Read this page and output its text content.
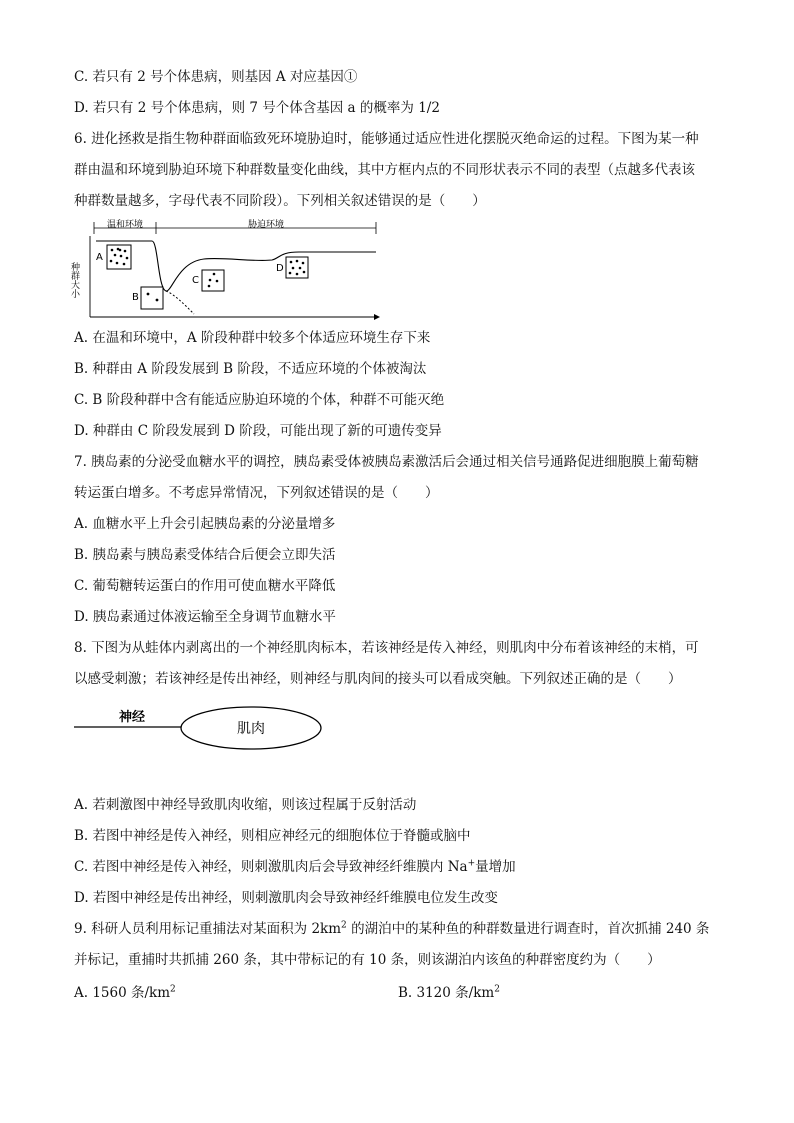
C. 若只有 2 号个体患病，则基因 A 对应基因①
D. 若只有 2 号个体患病，则 7 号个体含基因 a 的概率为 1/2
6. 进化拯救是指生物种群面临致死环境胁迫时，能够通过适应性进化摆脱灭绝命运的过程。下图为某一种
群由温和环境到胁迫环境下种群数量变化曲线，其中方框内点的不同形状表示不同的表型（点越多代表该
种群数量越多，字母代表不同阶段）。下列相关叙述错误的是（　　）
温和环境	胁迫环境
种群大小
A
B
C
D
A. 在温和环境中，A 阶段种群中较多个体适应环境生存下来
B. 种群由 A 阶段发展到 B 阶段，不适应环境的个体被淘汰
C. B 阶段种群中含有能适应胁迫环境的个体，种群不可能灭绝
D. 种群由 C 阶段发展到 D 阶段，可能出现了新的可遗传变异
7. 胰岛素的分泌受血糖水平的调控，胰岛素受体被胰岛素激活后会通过相关信号通路促进细胞膜上葡萄糖
转运蛋白增多。不考虑异常情况，下列叙述错误的是（　　）
A. 血糖水平上升会引起胰岛素的分泌量增多
B. 胰岛素与胰岛素受体结合后便会立即失活
C. 葡萄糖转运蛋白的作用可使血糖水平降低
D. 胰岛素通过体液运输至全身调节血糖水平
8. 下图为从蛙体内剥离出的一个神经肌肉标本，若该神经是传入神经，则肌肉中分布着该神经的末梢，可
以感受刺激；若该神经是传出神经，则神经与肌肉间的接头可以看成突触。下列叙述正确的是（　　）
神经
肌肉
A. 若刺激图中神经导致肌肉收缩，则该过程属于反射活动
B. 若图中神经是传入神经，则相应神经元的细胞体位于脊髓或脑中
C. 若图中神经是传入神经，则刺激肌肉后会导致神经纤维膜内 Na+量增加
D. 若图中神经是传出神经，则刺激肌肉会导致神经纤维膜电位发生改变
9. 科研人员利用标记重捕法对某面积为 $2km^2$ 的湖泊中的某种鱼的种群数量进行调查时，首次抓捕 240 条
并标记，重捕时共抓捕 260 条，其中带标记的有 10 条，则该湖泊内该鱼的种群密度约为（　　）
A. 1560 条$/km^2$	B. 3120 条$/km^2$
